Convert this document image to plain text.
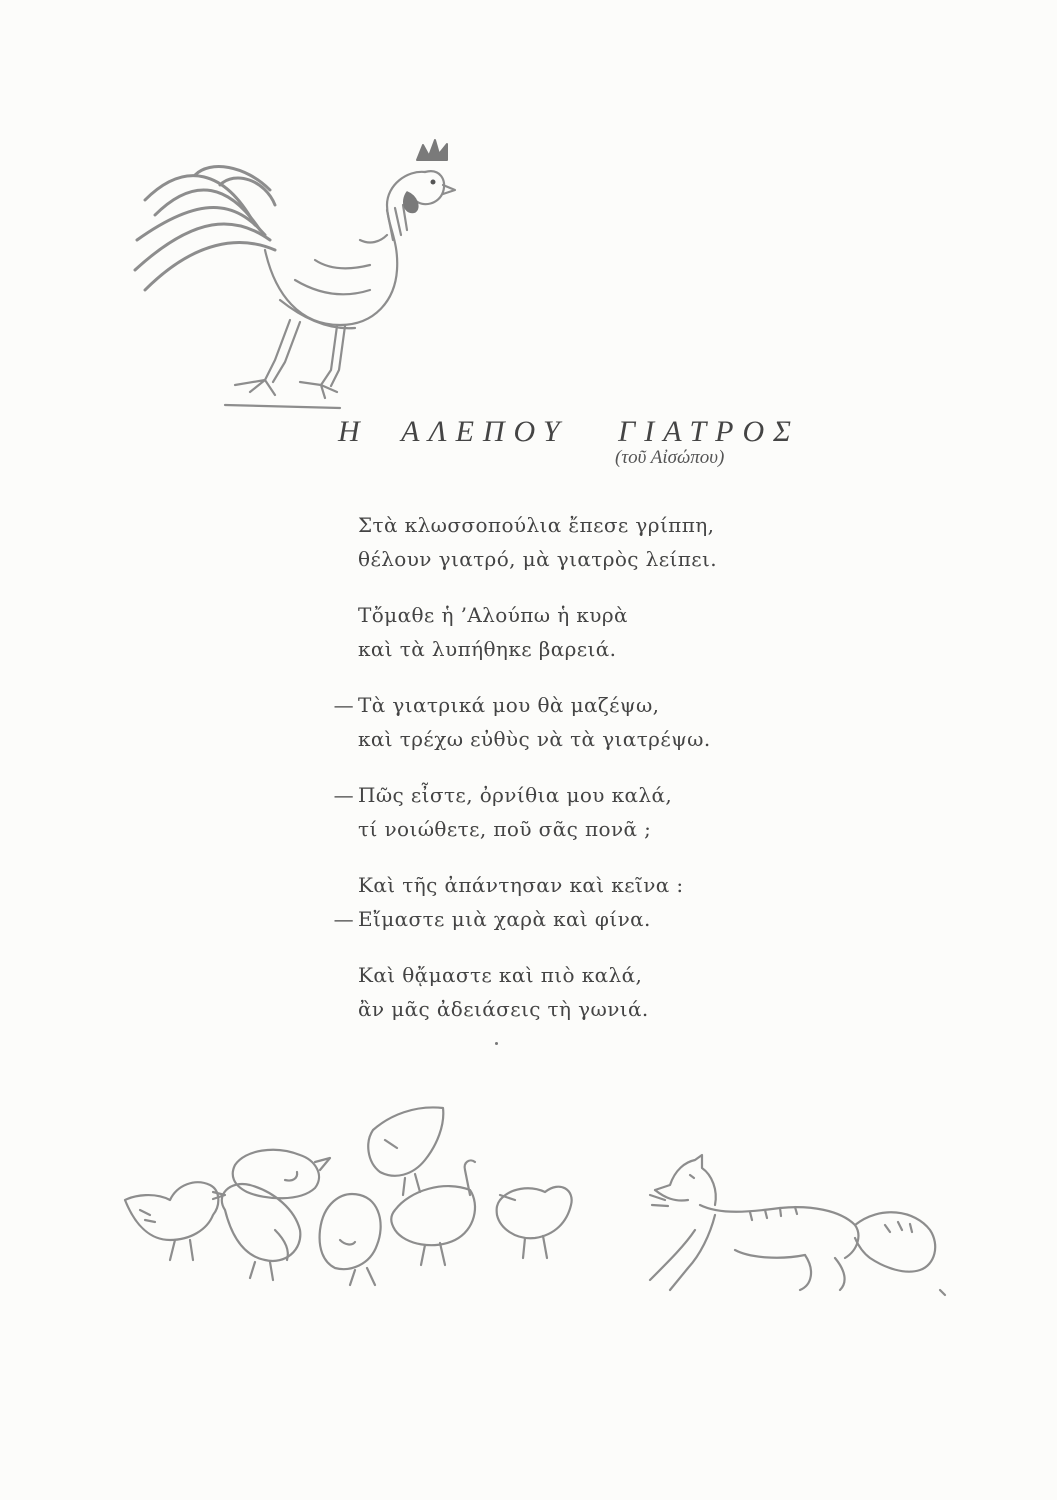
Η  ΑΛΕΠΟΥ   ΓΙΑΤΡΟΣ
(τοῦ Αἰσώπου)
Στὰ κλωσσοπούλια ἔπεσε γρίππη,
θέλουν γιατρό, μὰ γιατρὸς λείπει.
Τὄμαθε ἡ ’Αλούπω ἡ κυρὰ
καὶ τὰ λυπήθηκε βαρειά.
— Τὰ γιατρικά μου θὰ μαζέψω,
καὶ τρέχω εὐθὺς νὰ τὰ γιατρέψω.
— Πῶς εἶστε, ὀρνίθια μου καλά,
τί νοιώθετε, ποῦ σᾶς πονᾶ ;
Καὶ τῆς ἀπάντησαν καὶ κεῖνα :
— Εἴμαστε μιὰ χαρὰ καὶ φίνα.
Καὶ θᾄμαστε καὶ πιὸ καλά,
ἂν μᾶς ἀδειάσεις τὴ γωνιά.
